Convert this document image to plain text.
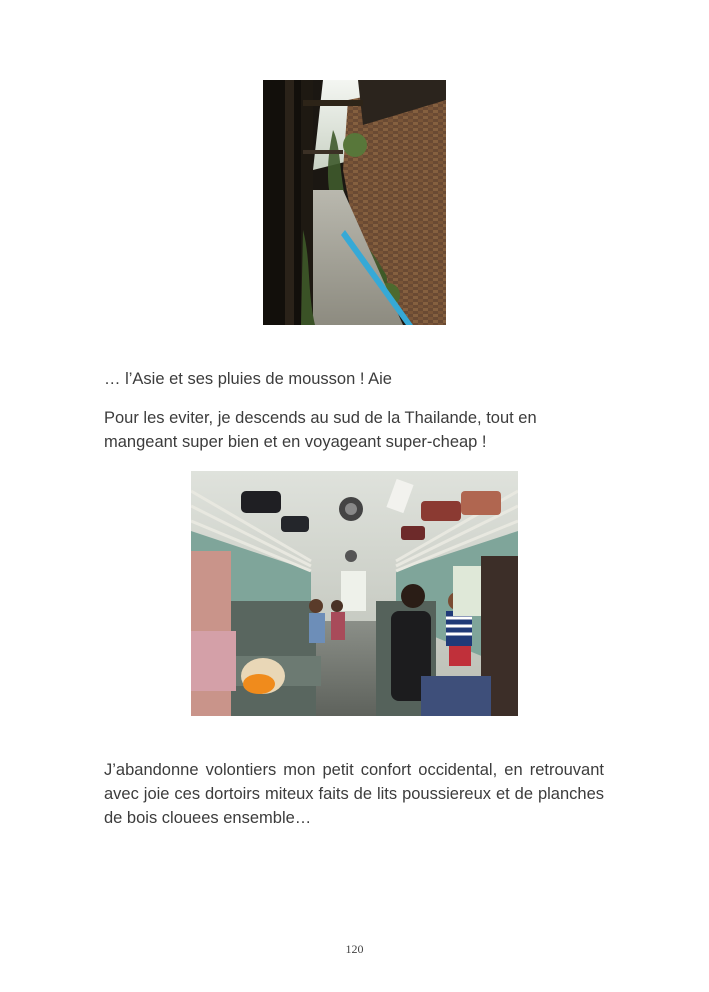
… l’Asie et ses pluies de mousson ! Aie

Pour les eviter, je descends au sud de la Thailande, tout en mangeant super bien et en voyageant super-cheap !

J’abandonne volontiers mon petit confort occidental, en retrouvant avec joie ces dortoirs miteux faits de lits poussiereux et de planches de bois clouees ensemble…

120
